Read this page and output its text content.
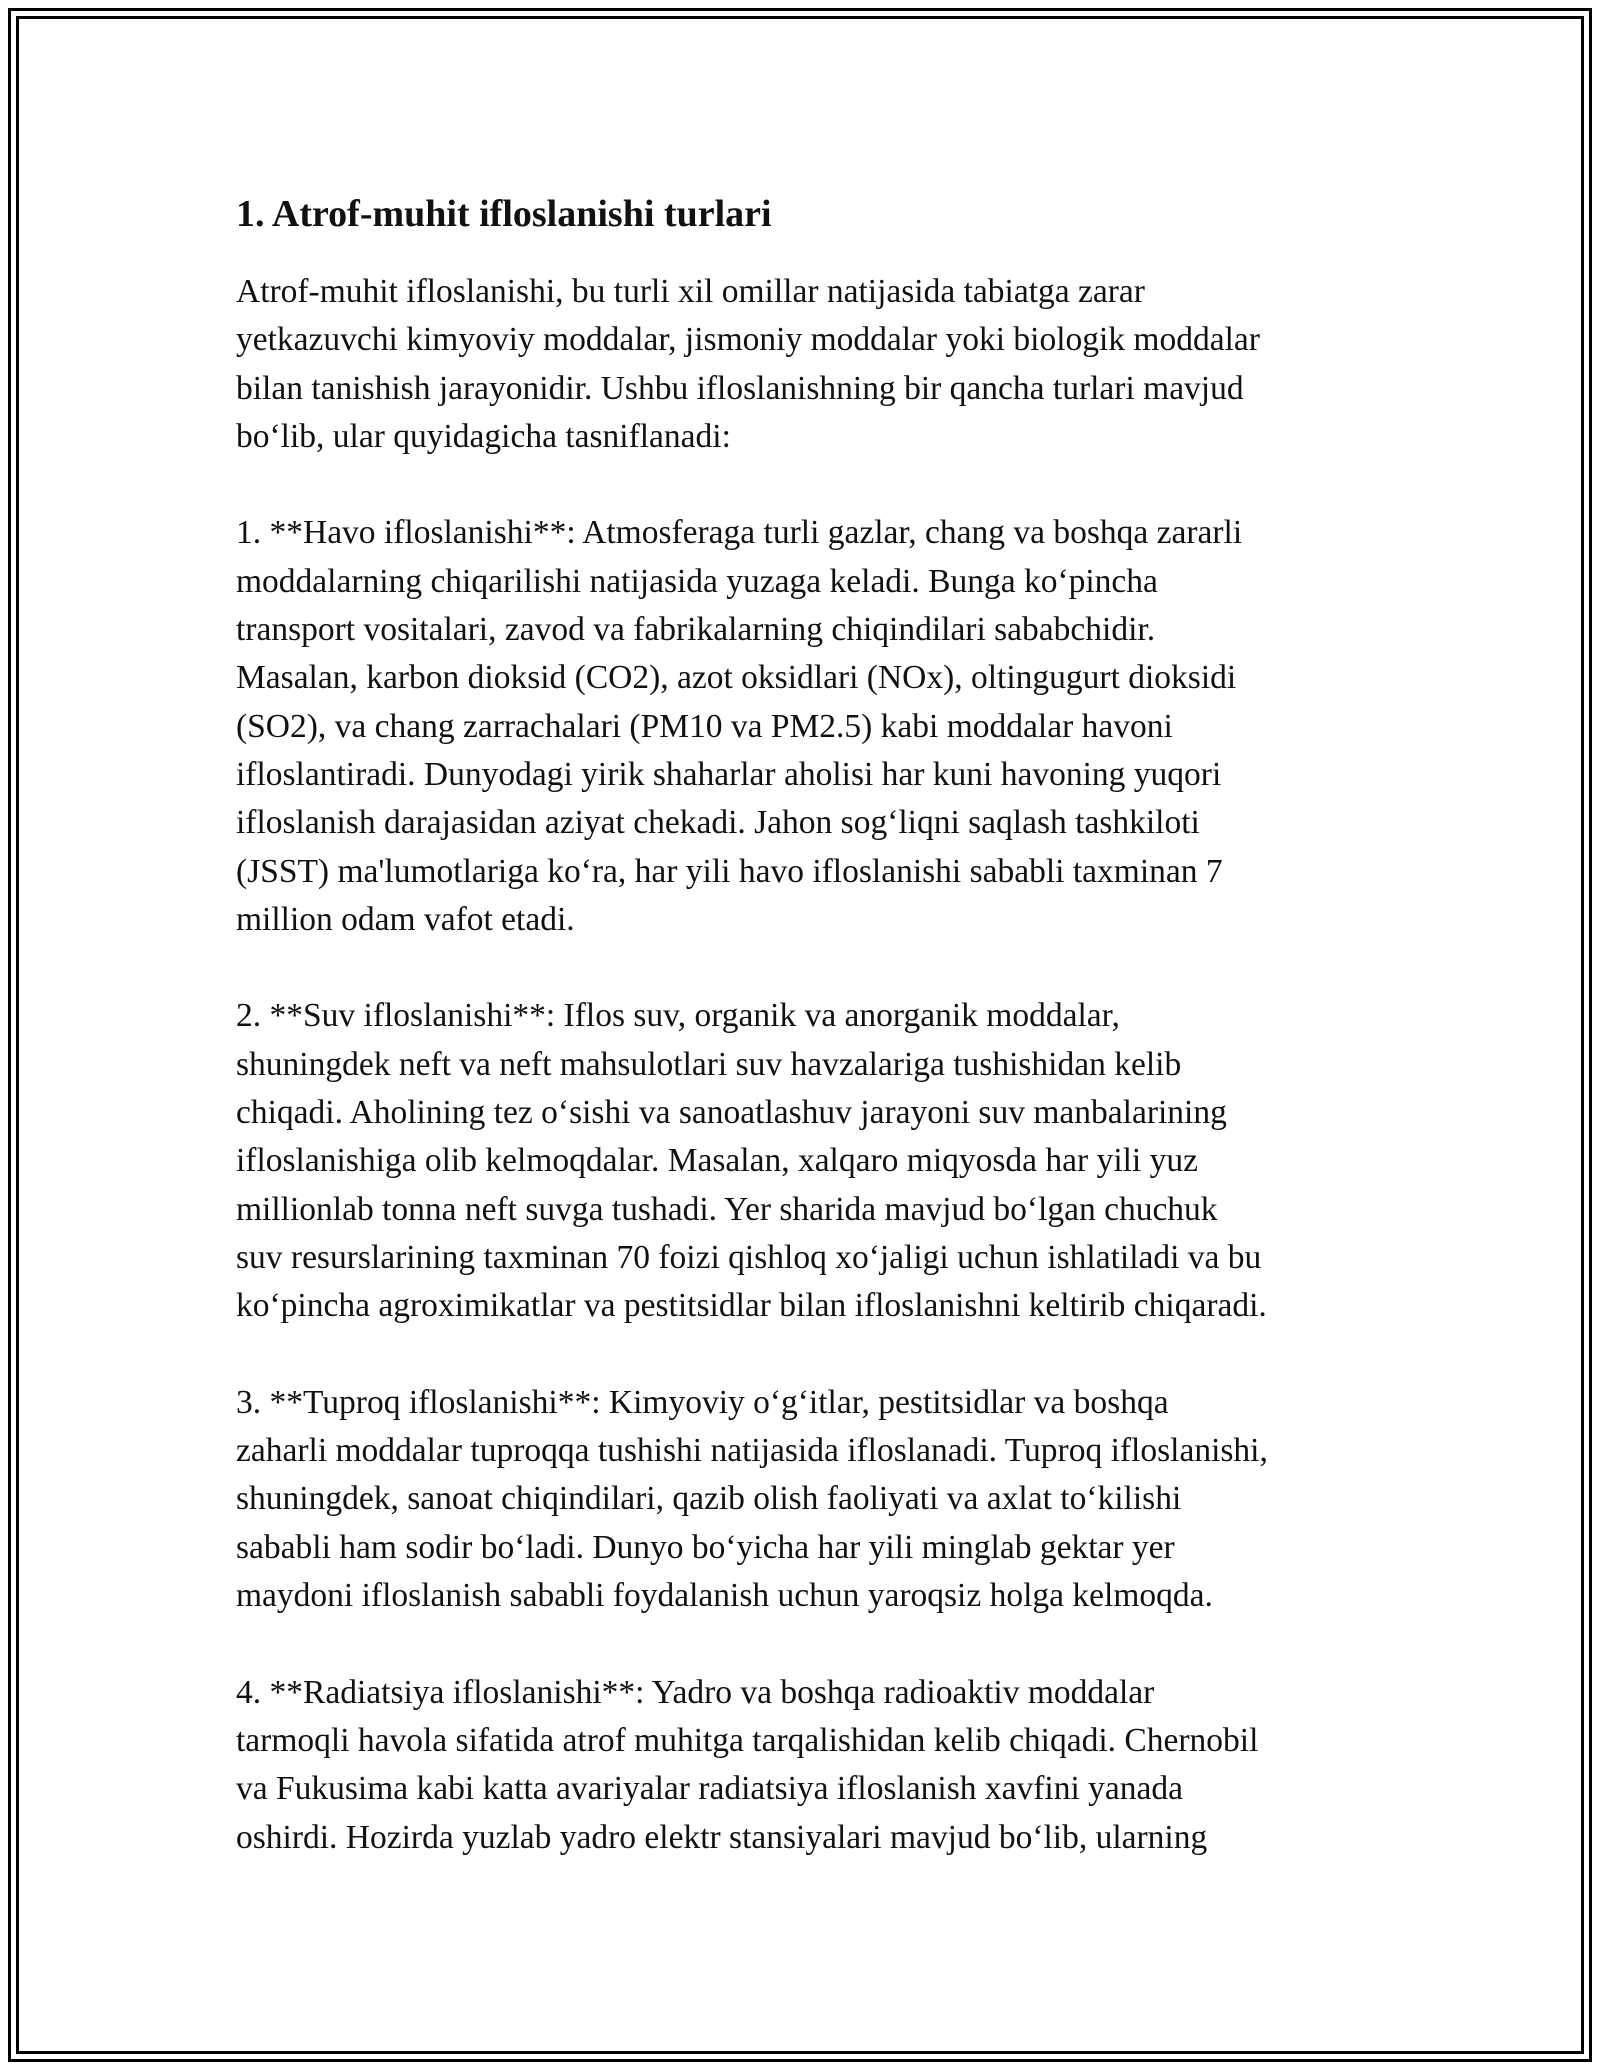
1. Atrof-muhit ifloslanishi turlari
Atrof-muhit ifloslanishi, bu turli xil omillar natijasida tabiatga zarar
yetkazuvchi kimyoviy moddalar, jismoniy moddalar yoki biologik moddalar
bilan tanishish jarayonidir. Ushbu ifloslanishning bir qancha turlari mavjud
bo‘lib, ular quyidagicha tasniflanadi:
1. **Havo ifloslanishi**: Atmosferaga turli gazlar, chang va boshqa zararli
moddalarning chiqarilishi natijasida yuzaga keladi. Bunga ko‘pincha
transport vositalari, zavod va fabrikalarning chiqindilari sababchidir.
Masalan, karbon dioksid (CO2), azot oksidlari (NOx), oltingugurt dioksidi
(SO2), va chang zarrachalari (PM10 va PM2.5) kabi moddalar havoni
ifloslantiradi. Dunyodagi yirik shaharlar aholisi har kuni havoning yuqori
ifloslanish darajasidan aziyat chekadi. Jahon sog‘liqni saqlash tashkiloti
(JSST) ma'lumotlariga ko‘ra, har yili havo ifloslanishi sababli taxminan 7
million odam vafot etadi.
2. **Suv ifloslanishi**: Iflos suv, organik va anorganik moddalar,
shuningdek neft va neft mahsulotlari suv havzalariga tushishidan kelib
chiqadi. Aholining tez o‘sishi va sanoatlashuv jarayoni suv manbalarining
ifloslanishiga olib kelmoqdalar. Masalan, xalqaro miqyosda har yili yuz
millionlab tonna neft suvga tushadi. Yer sharida mavjud bo‘lgan chuchuk
suv resurslarining taxminan 70 foizi qishloq xo‘jaligi uchun ishlatiladi va bu
ko‘pincha agroximikatlar va pestitsidlar bilan ifloslanishni keltirib chiqaradi.
3. **Tuproq ifloslanishi**: Kimyoviy o‘g‘itlar, pestitsidlar va boshqa
zaharli moddalar tuproqqa tushishi natijasida ifloslanadi. Tuproq ifloslanishi,
shuningdek, sanoat chiqindilari, qazib olish faoliyati va axlat to‘kilishi
sababli ham sodir bo‘ladi. Dunyo bo‘yicha har yili minglab gektar yer
maydoni ifloslanish sababli foydalanish uchun yaroqsiz holga kelmoqda.
4. **Radiatsiya ifloslanishi**: Yadro va boshqa radioaktiv moddalar
tarmoqli havola sifatida atrof muhitga tarqalishidan kelib chiqadi. Chernobil
va Fukusima kabi katta avariyalar radiatsiya ifloslanish xavfini yanada
oshirdi. Hozirda yuzlab yadro elektr stansiyalari mavjud bo‘lib, ularning
